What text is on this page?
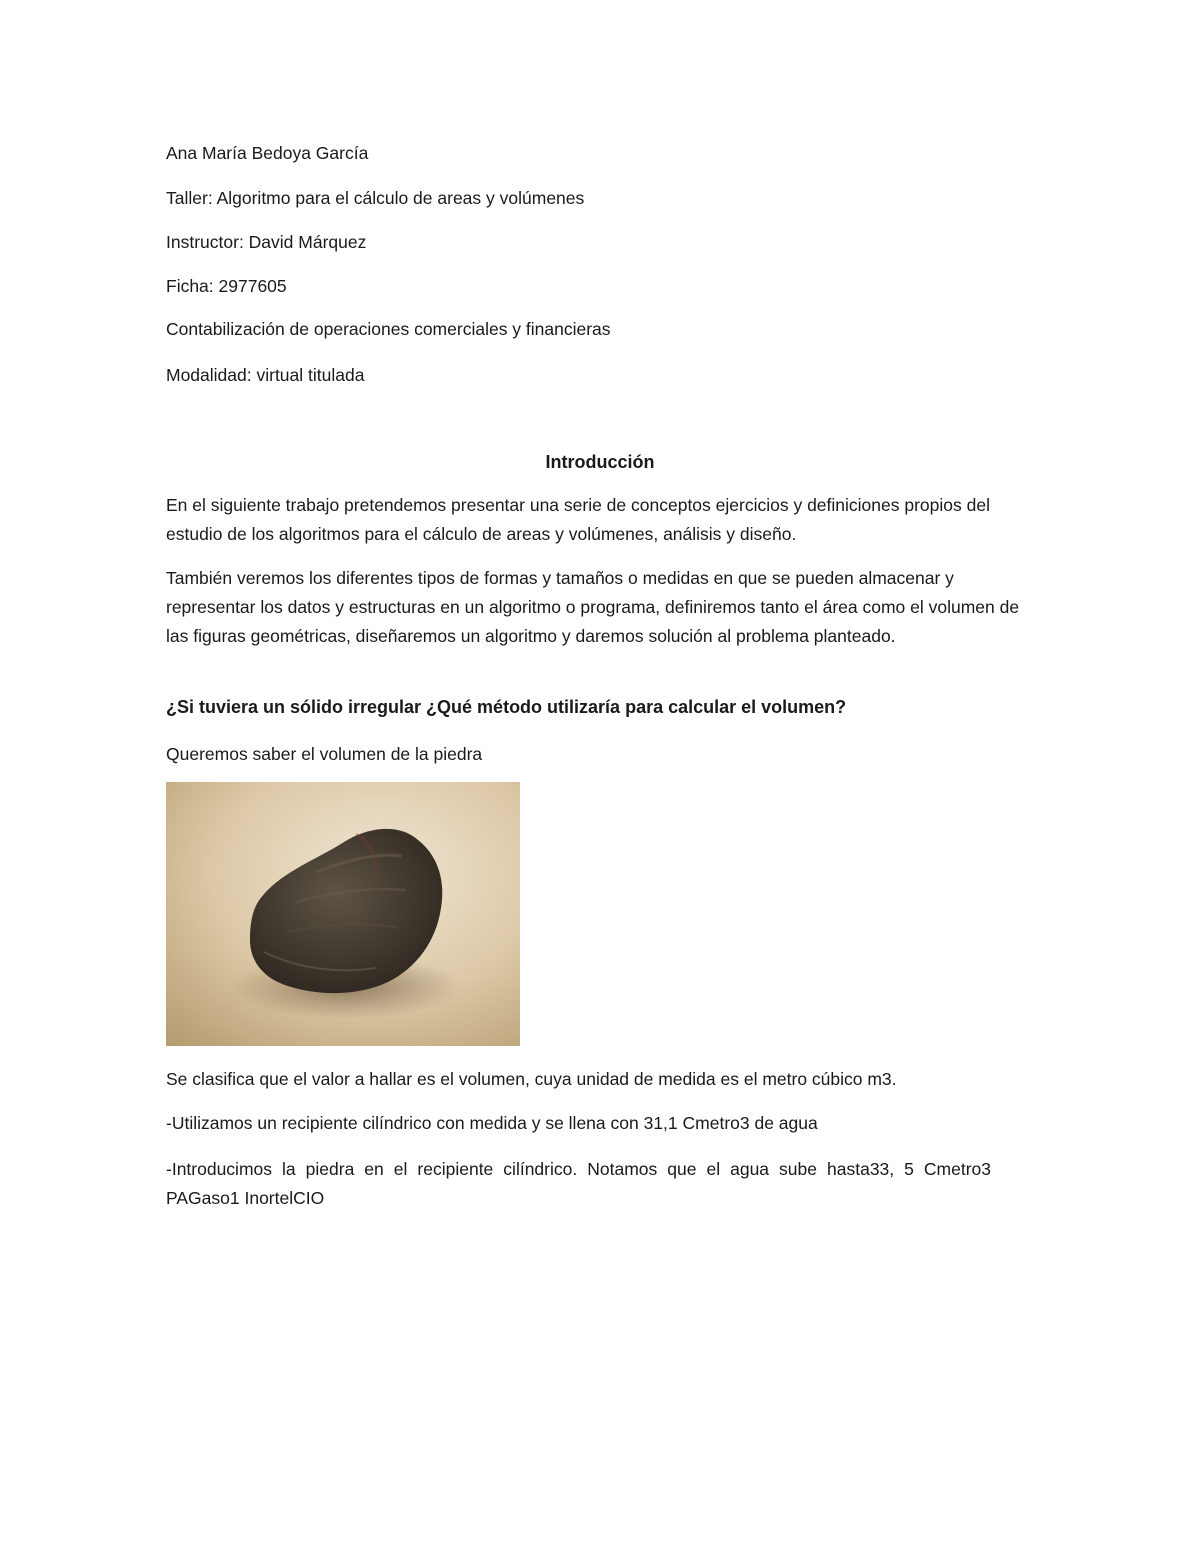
Ana María Bedoya García
Taller: Algoritmo para el cálculo de areas y volúmenes
Instructor: David Márquez
Ficha: 2977605
Contabilización de operaciones comerciales y financieras
Modalidad: virtual titulada
Introducción

En el siguiente trabajo pretendemos presentar una serie de conceptos ejercicios y definiciones propios del estudio de los algoritmos para el cálculo de areas y volúmenes, análisis y diseño.

También veremos los diferentes tipos de formas y tamaños o medidas en que se pueden almacenar y representar los datos y estructuras en un algoritmo o programa, definiremos tanto el área como el volumen de las figuras geométricas, diseñaremos un algoritmo y daremos solución al problema planteado.

¿Si tuviera un sólido irregular ¿Qué método utilizaría para calcular el volumen?
Queremos saber el volumen de la piedra
Se clasifica que el valor a hallar es el volumen, cuya unidad de medida es el metro cúbico m3.
-Utilizamos un recipiente cilíndrico con medida y se llena con 31,1 Cmetro3 de agua

-Introducimos la piedra en el recipiente cilíndrico. Notamos que el agua sube hasta33, 5 Cmetro3 PAGaso1 InortelCIO
